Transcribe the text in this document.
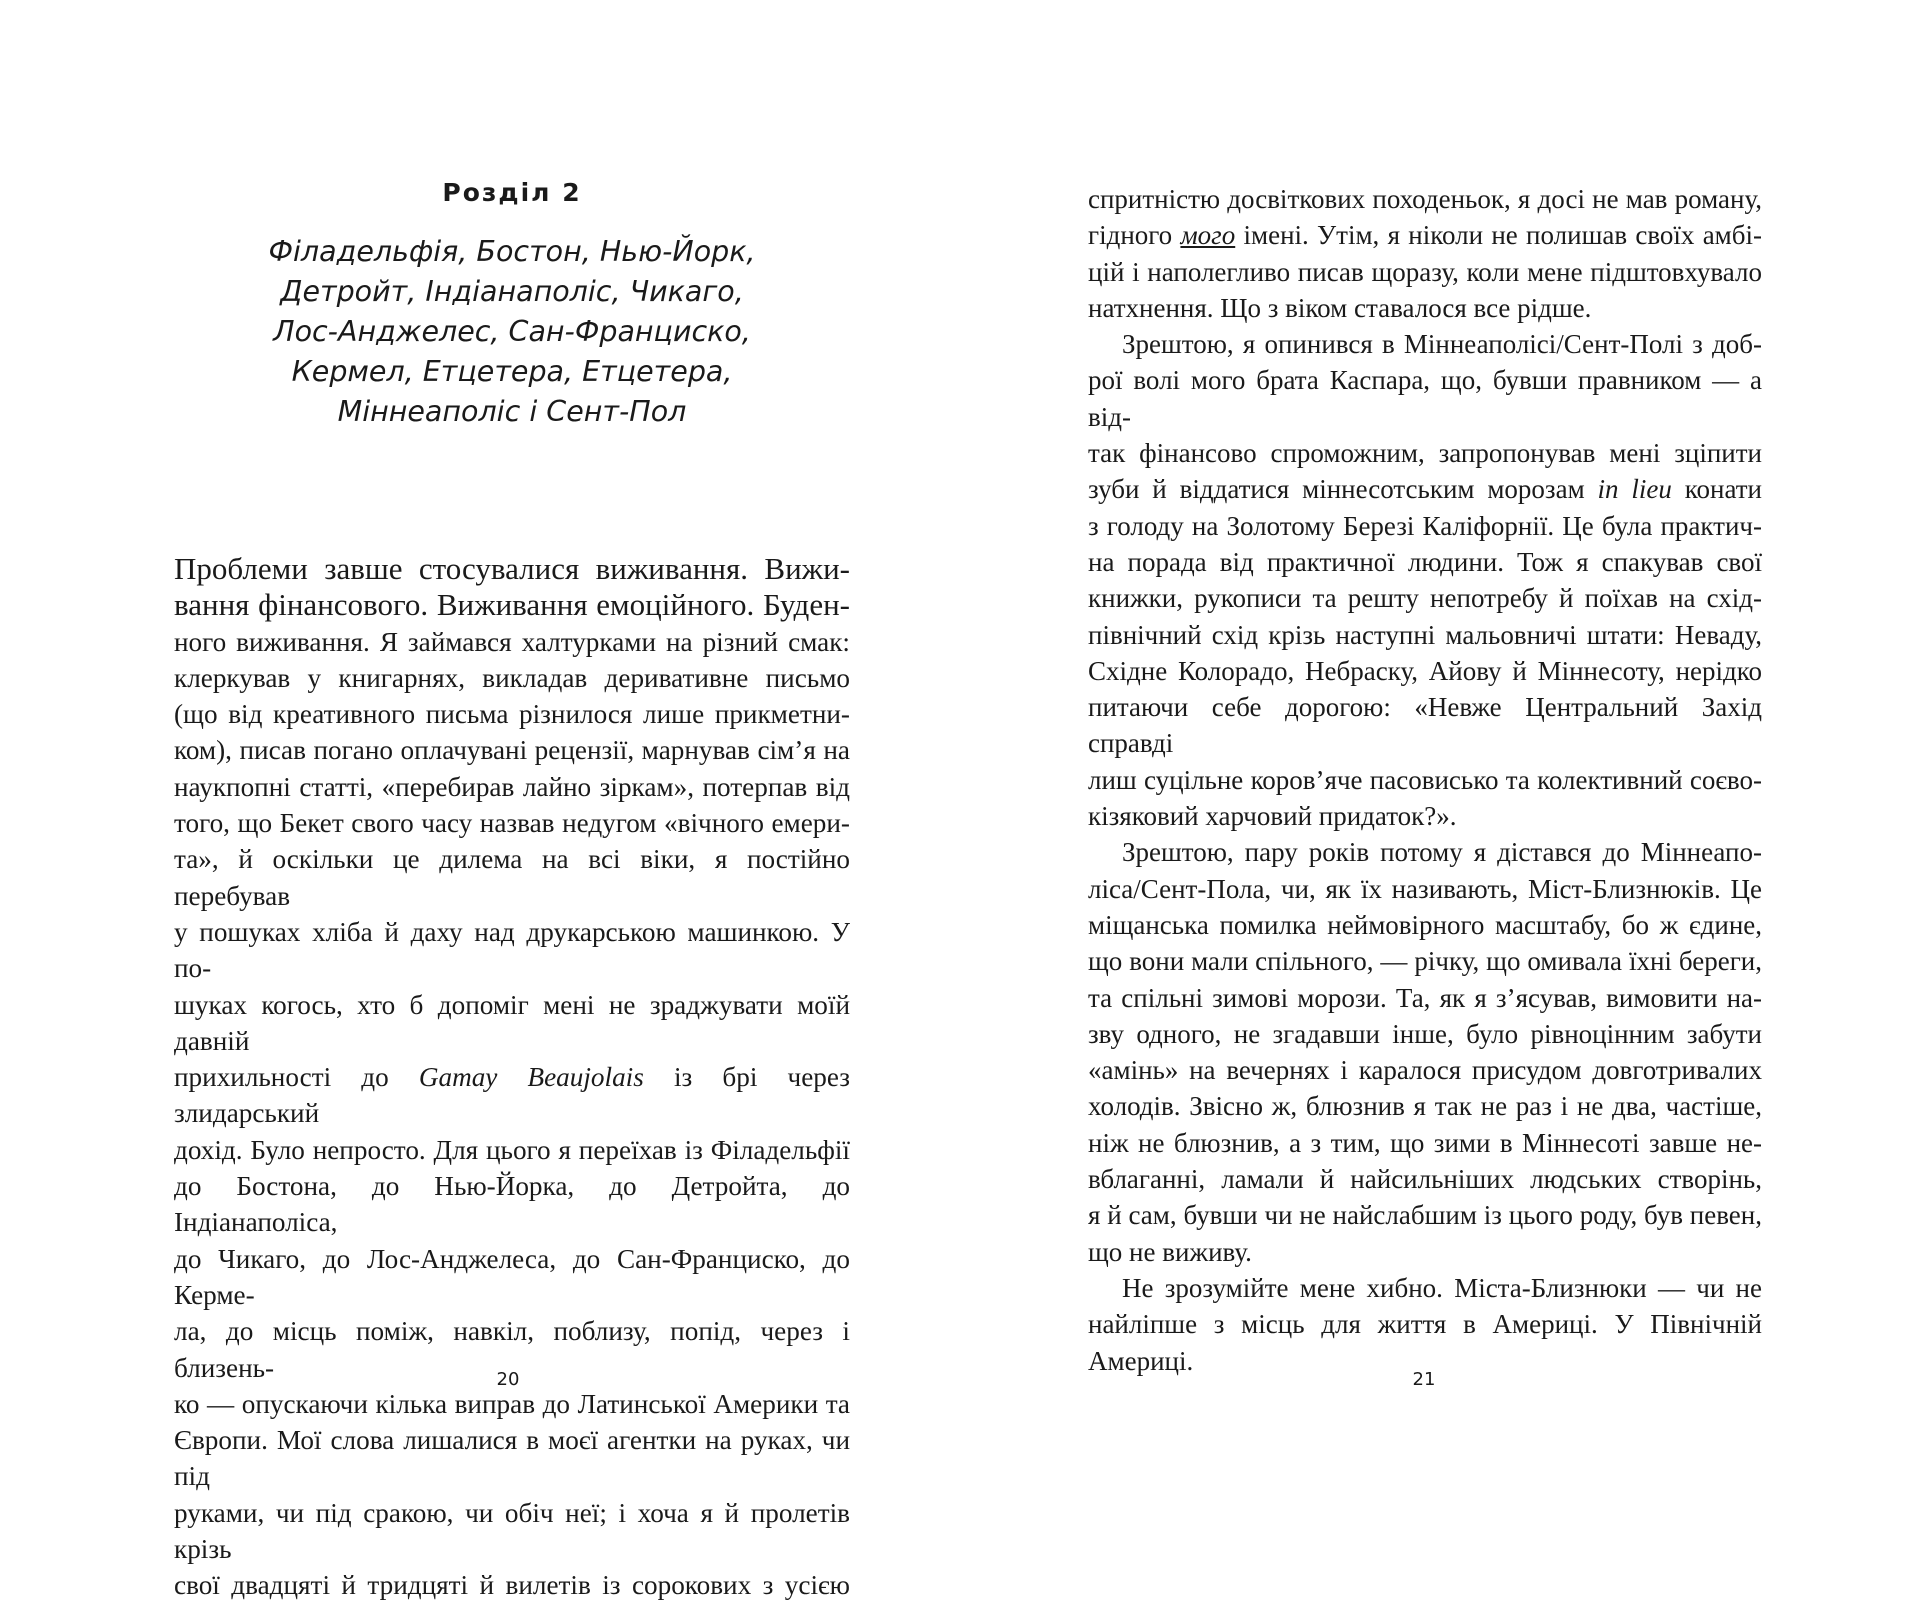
Розділ 2
Філадельфія, Бостон, Нью-Йорк,
Детройт, Індіанаполіс, Чикаго,
Лос-Анджелес, Сан-Франциско,
Кермел, Етцетера, Етцетера,
Міннеаполіс і Сент-Пол

Проблеми завше стосувалися виживання. Вижи-
вання фінансового. Виживання емоційного. Буден-
ного виживання. Я займався халтурками на різний смак:
клеркував у книгарнях, викладав деривативне письмо
(що від креативного письма різнилося лише прикметни-
ком), писав погано оплачувані рецензії, марнував сім’я на
наукпопні статті, «перебирав лайно зіркам», потерпав від
того, що Бекет свого часу назвав недугом «вічного емери-
та», й оскільки це дилема на всі віки, я постійно перебував
у пошуках хліба й даху над друкарською машинкою. У по-
шуках когось, хто б допоміг мені не зраджувати моїй давній
прихильності до Gamay Beaujolais із брі через злидарський
дохід. Було непросто. Для цього я переїхав із Філадельфії
до Бостона, до Нью-Йорка, до Детройта, до Індіанаполіса,
до Чикаго, до Лос-Анджелеса, до Сан-Франциско, до Керме-
ла, до місць поміж, навкіл, поблизу, попід, через і близень-
ко — опускаючи кілька виправ до Латинської Америки та
Європи. Мої слова лишалися в моєї агентки на руках, чи під
руками, чи під сракою, чи обіч неї; і хоча я й пролетів крізь
свої двадцяті й тридцяті й вилетів із сорокових з усією

20

спритністю досвіткових походеньок, я досі не мав роману,
гідного мого імені. Утім, я ніколи не полишав своїх амбі-
цій і наполегливо писав щоразу, коли мене підштовхувало
натхнення. Що з віком ставалося все рідше.

Зрештою, я опинився в Міннеаполісі/Сент-Полі з доб-
рої волі мого брата Каспара, що, бувши правником — а від-
так фінансово спроможним, запропонував мені зціпити
зуби й віддатися міннесотським морозам in lieu конати
з голоду на Золотому Березі Каліфорнії. Це була практич-
на порада від практичної людини. Тож я спакував свої
книжки, рукописи та решту непотребу й поїхав на схід-
північний схід крізь наступні мальовничі штати: Неваду,
Східне Колорадо, Небраску, Айову й Міннесоту, нерідко
питаючи себе дорогою: «Невже Центральний Захід справді
лиш суцільне коров’яче пасовисько та колективний соєво-
кізяковий харчовий придаток?».

Зрештою, пару років потому я дістався до Міннеапо-
ліса/Сент-Пола, чи, як їх називають, Міст-Близнюків. Це
міщанська помилка неймовірного масштабу, бо ж єдине,
що вони мали спільного, — річку, що омивала їхні береги,
та спільні зимові морози. Та, як я з’ясував, вимовити на-
зву одного, не згадавши інше, було рівноцінним забути
«амінь» на вечернях і каралося присудом довготривалих
холодів. Звісно ж, блюзнив я так не раз і не два, частіше,
ніж не блюзнив, а з тим, що зими в Міннесоті завше не-
вблаганні, ламали й найсильніших людських створінь,
я й сам, бувши чи не найслабшим із цього роду, був певен,
що не виживу.

Не зрозумійте мене хибно. Міста-Близнюки — чи не
найліпше з місць для життя в Америці. У Північній Америці.

21
